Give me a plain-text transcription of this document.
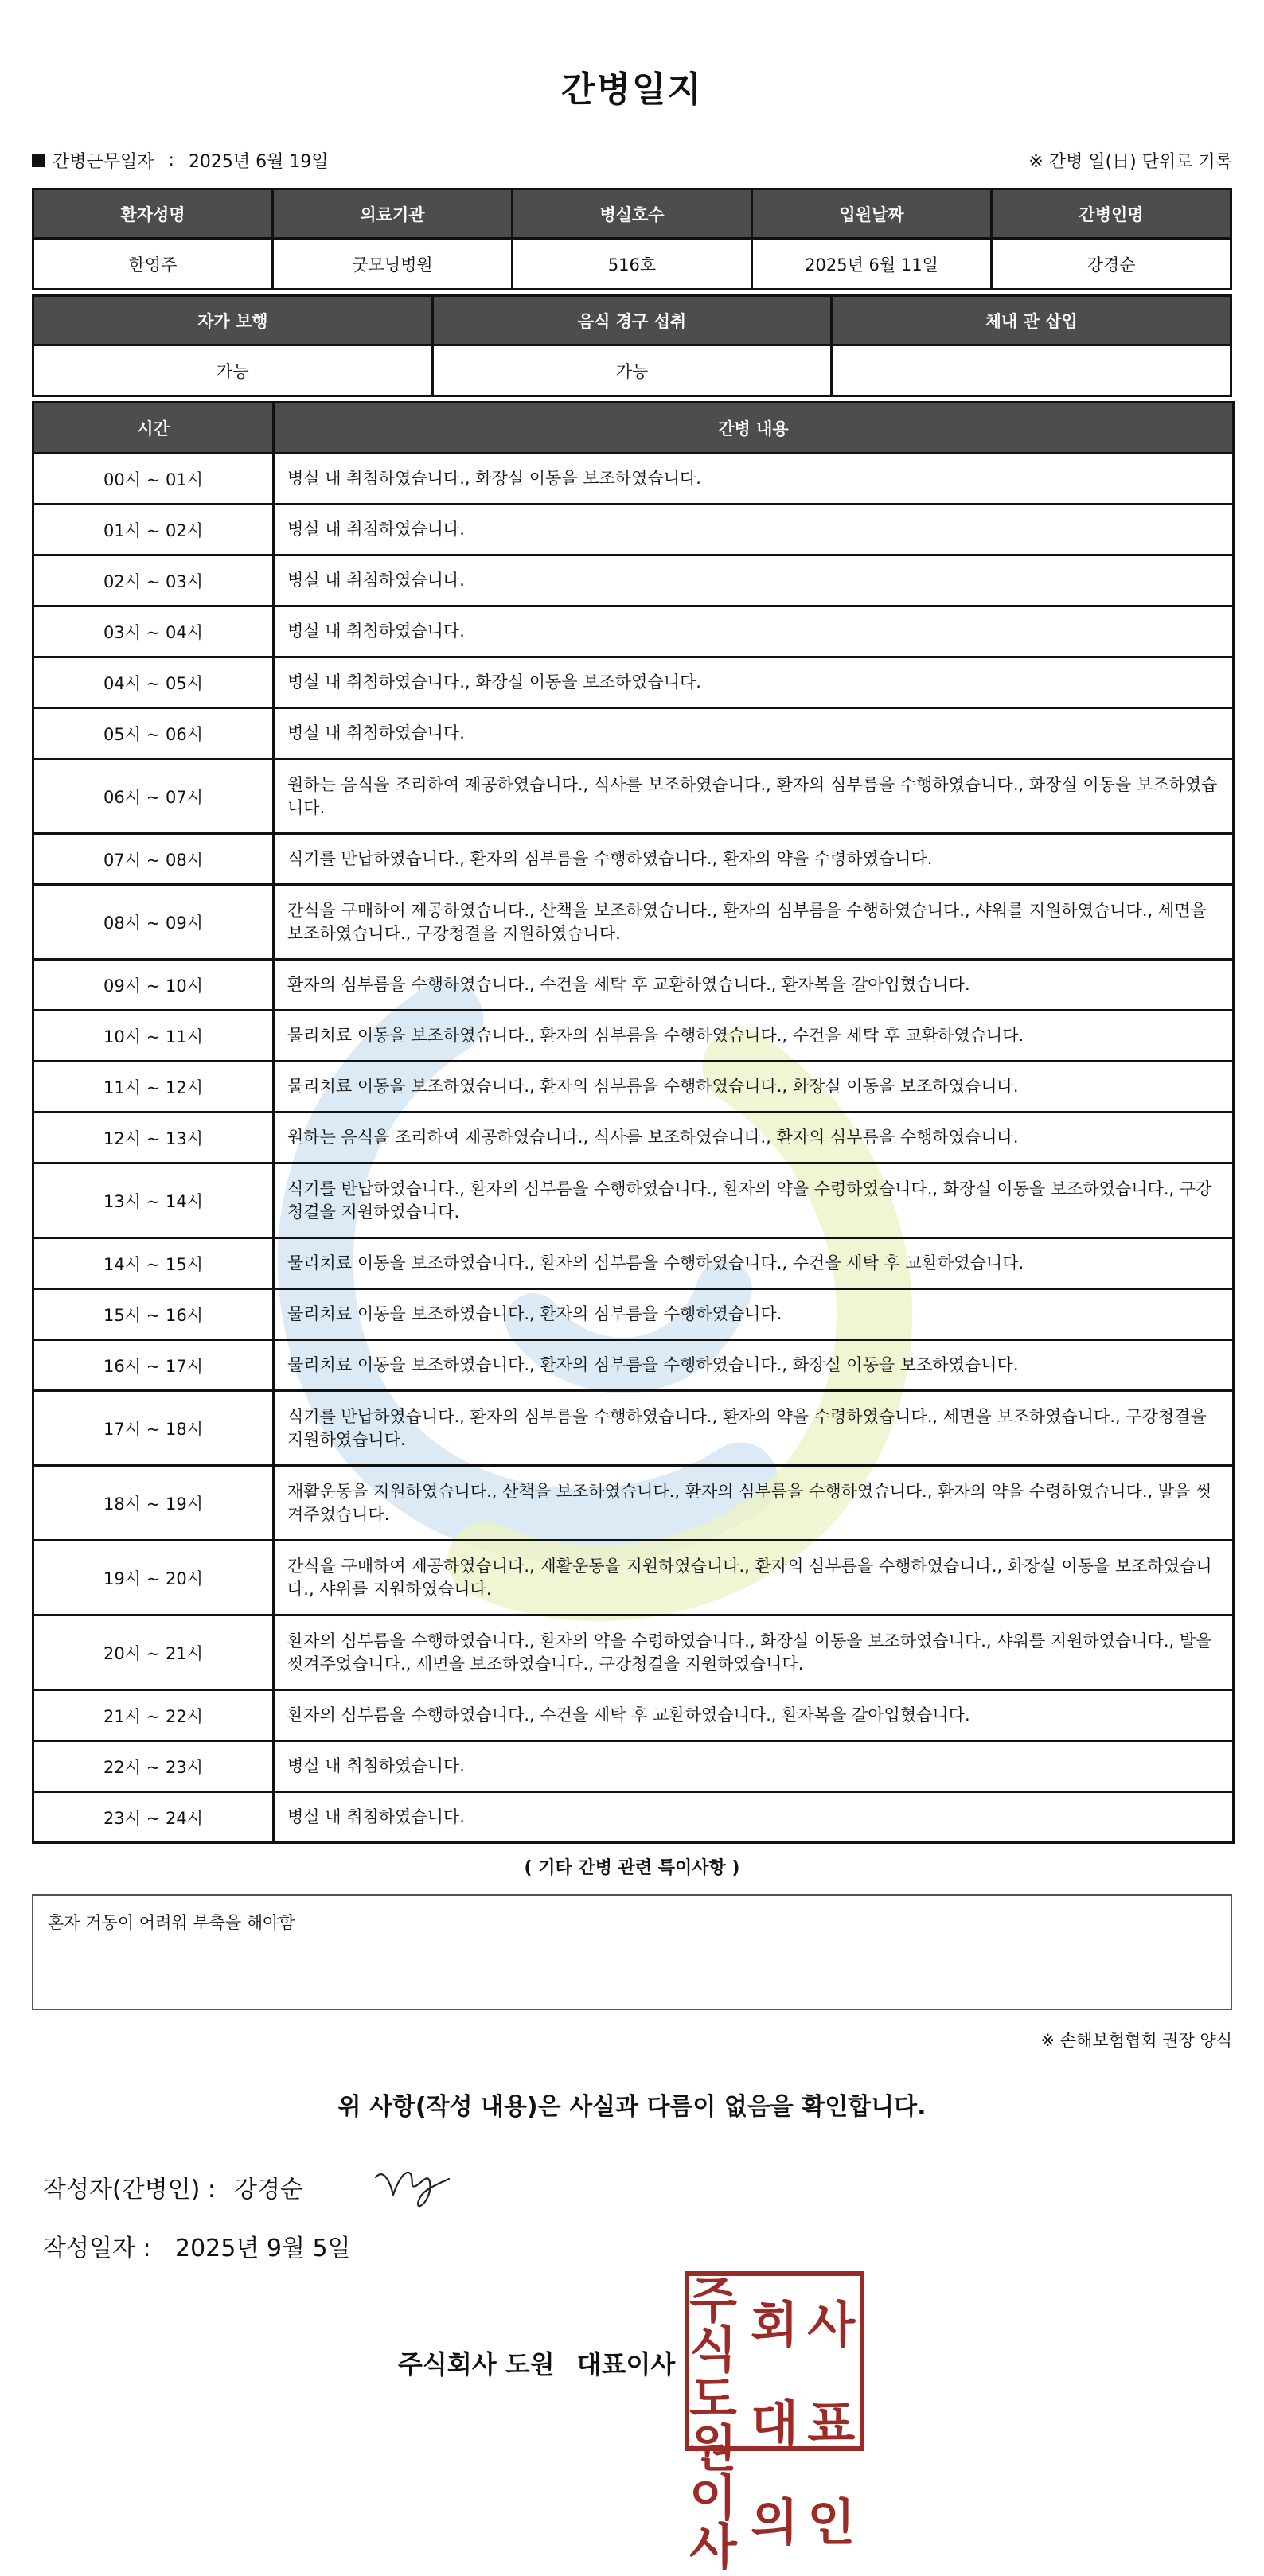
간병일지
간병근무일자 : 2025년 6월 19일	※ 간병 일(日) 단위로 기록
환자성명	의료기관	병실호수	입원날짜	간병인명
한영주	굿모닝병원	516호	2025년 6월 11일	강경순
자가 보행	음식 경구 섭취	체내 관 삽입
가능	가능	
시간	간병 내용
00시 ~ 01시	병실 내 취침하였습니다., 화장실 이동을 보조하였습니다.
01시 ~ 02시	병실 내 취침하였습니다.
02시 ~ 03시	병실 내 취침하였습니다.
03시 ~ 04시	병실 내 취침하였습니다.
04시 ~ 05시	병실 내 취침하였습니다., 화장실 이동을 보조하였습니다.
05시 ~ 06시	병실 내 취침하였습니다.
06시 ~ 07시	원하는 음식을 조리하여 제공하였습니다., 식사를 보조하였습니다., 환자의 심부름을 수행하였습니다., 화장실 이동을 보조하였습니다.
07시 ~ 08시	식기를 반납하였습니다., 환자의 심부름을 수행하였습니다., 환자의 약을 수령하였습니다.
08시 ~ 09시	간식을 구매하여 제공하였습니다., 산책을 보조하였습니다., 환자의 심부름을 수행하였습니다., 샤워를 지원하였습니다., 세면을 보조하였습니다., 구강청결을 지원하였습니다.
09시 ~ 10시	환자의 심부름을 수행하였습니다., 수건을 세탁 후 교환하였습니다., 환자복을 갈아입혔습니다.
10시 ~ 11시	물리치료 이동을 보조하였습니다., 환자의 심부름을 수행하였습니다., 수건을 세탁 후 교환하였습니다.
11시 ~ 12시	물리치료 이동을 보조하였습니다., 환자의 심부름을 수행하였습니다., 화장실 이동을 보조하였습니다.
12시 ~ 13시	원하는 음식을 조리하여 제공하였습니다., 식사를 보조하였습니다., 환자의 심부름을 수행하였습니다.
13시 ~ 14시	식기를 반납하였습니다., 환자의 심부름을 수행하였습니다., 환자의 약을 수령하였습니다., 화장실 이동을 보조하였습니다., 구강청결을 지원하였습니다.
14시 ~ 15시	물리치료 이동을 보조하였습니다., 환자의 심부름을 수행하였습니다., 수건을 세탁 후 교환하였습니다.
15시 ~ 16시	물리치료 이동을 보조하였습니다., 환자의 심부름을 수행하였습니다.
16시 ~ 17시	물리치료 이동을 보조하였습니다., 환자의 심부름을 수행하였습니다., 화장실 이동을 보조하였습니다.
17시 ~ 18시	식기를 반납하였습니다., 환자의 심부름을 수행하였습니다., 환자의 약을 수령하였습니다., 세면을 보조하였습니다., 구강청결을 지원하였습니다.
18시 ~ 19시	재활운동을 지원하였습니다., 산책을 보조하였습니다., 환자의 심부름을 수행하였습니다., 환자의 약을 수령하였습니다., 발을 씻겨주었습니다.
19시 ~ 20시	간식을 구매하여 제공하였습니다., 재활운동을 지원하였습니다., 환자의 심부름을 수행하였습니다., 화장실 이동을 보조하였습니다., 샤워를 지원하였습니다.
20시 ~ 21시	환자의 심부름을 수행하였습니다., 환자의 약을 수령하였습니다., 화장실 이동을 보조하였습니다., 샤워를 지원하였습니다., 발을 씻겨주었습니다., 세면을 보조하였습니다., 구강청결을 지원하였습니다.
21시 ~ 22시	환자의 심부름을 수행하였습니다., 수건을 세탁 후 교환하였습니다., 환자복을 갈아입혔습니다.
22시 ~ 23시	병실 내 취침하였습니다.
23시 ~ 24시	병실 내 취침하였습니다.
( 기타 간병 관련 특이사항 )
혼자 거동이 어려워 부축을 해야함
※ 손해보험협회 권장 양식
위 사항(작성 내용)은 사실과 다름이 없음을 확인합니다.
작성자(간병인) : 강경순
작성일자 :	2025년 9월 5일
주식회사 도원 대표이사
주식 회 사
도원 대 표
이사 의 인
